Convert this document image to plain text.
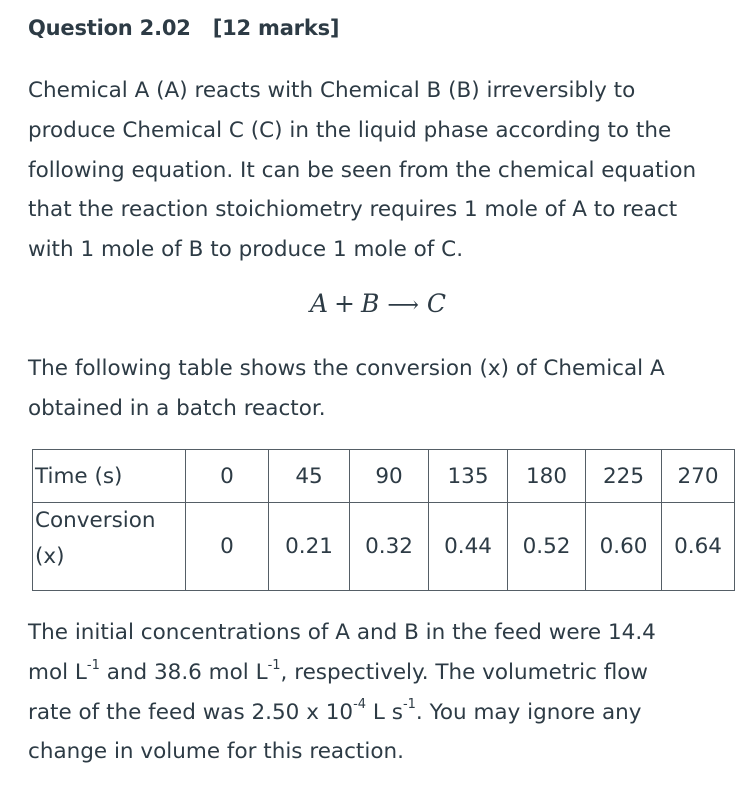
Question 2.02 [12 marks]

Chemical A (A) reacts with Chemical B (B) irreversibly to
produce Chemical C (C) in the liquid phase according to the
following equation. It can be seen from the chemical equation
that the reaction stoichiometry requires 1 mole of A to react
with 1 mole of B to produce 1 mole of C.

A + B ⟶ C

The following table shows the conversion (x) of Chemical A
obtained in a batch reactor.

Time (s)	0	45	90	135	180	225	270

Conversion
(x)	0	0.21	0.32	0.44	0.52	0.60	0.64

The initial concentrations of A and B in the feed were 14.4
mol $L^{-1}$ and 38.6 mol $L^{-1}$, respectively. The volumetric flow
rate of the feed was 2.50 x $10^{-4}$ L $s^{-1}$. You may ignore any
change in volume for this reaction.
